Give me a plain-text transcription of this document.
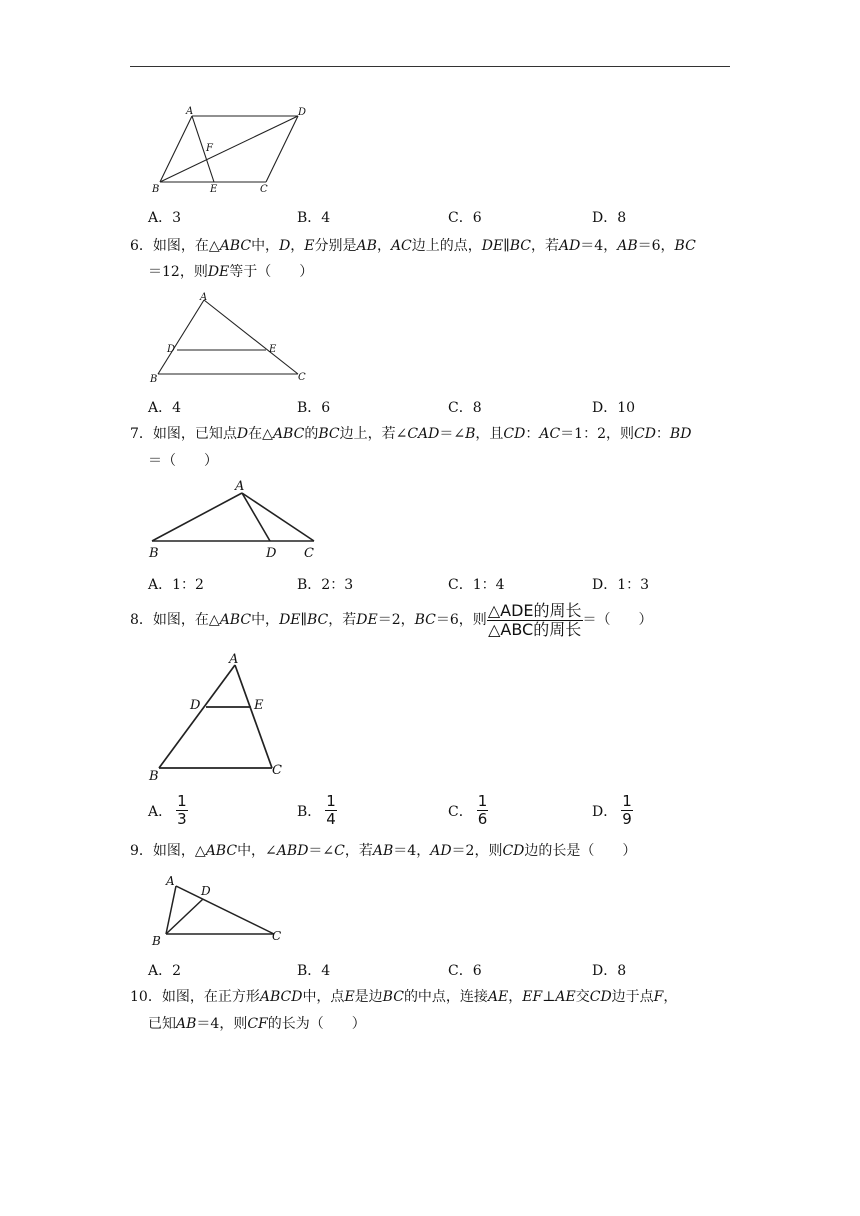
A	D
F
B	E	C
A．3	B．4	C．6	D．8
6．如图，在△ABC中，D，E分别是AB，AC边上的点，DE∥BC，若AD＝4，AB＝6，BC
＝12，则DE等于（　　）
A
D	E
B	C
A．4	B．6	C．8	D．10
7．如图，已知点D在△ABC的BC边上，若∠CAD＝∠B，且CD：AC＝1：2，则CD：BD
＝（　　）
A
B	D C
A．1：2	B．2：3	C．1：4	D．1：3
8．如图，在△ ABC 中， DE ∥ BC ，若 DE ＝2， BC ＝6，则 $\frac{\text{△ADE的周长}}{\text{△ABC的周长}}$ ＝（　　）
A
D	E
B	C
A． $\frac{1}{3}$	B． $\frac{1}{4}$	C． $\frac{1}{6}$	D． $\frac{1}{9}$
9．如图，△ABC中，∠ABD＝∠C，若AB＝4，AD＝2，则CD边的长是（　　）
A
D
B	C
A．2	B．4	C．6	D．8
10．如图，在正方形ABCD中，点E是边BC的中点，连接AE，EF⊥AE交CD边于点F，
已知AB＝4，则CF的长为（　　）
